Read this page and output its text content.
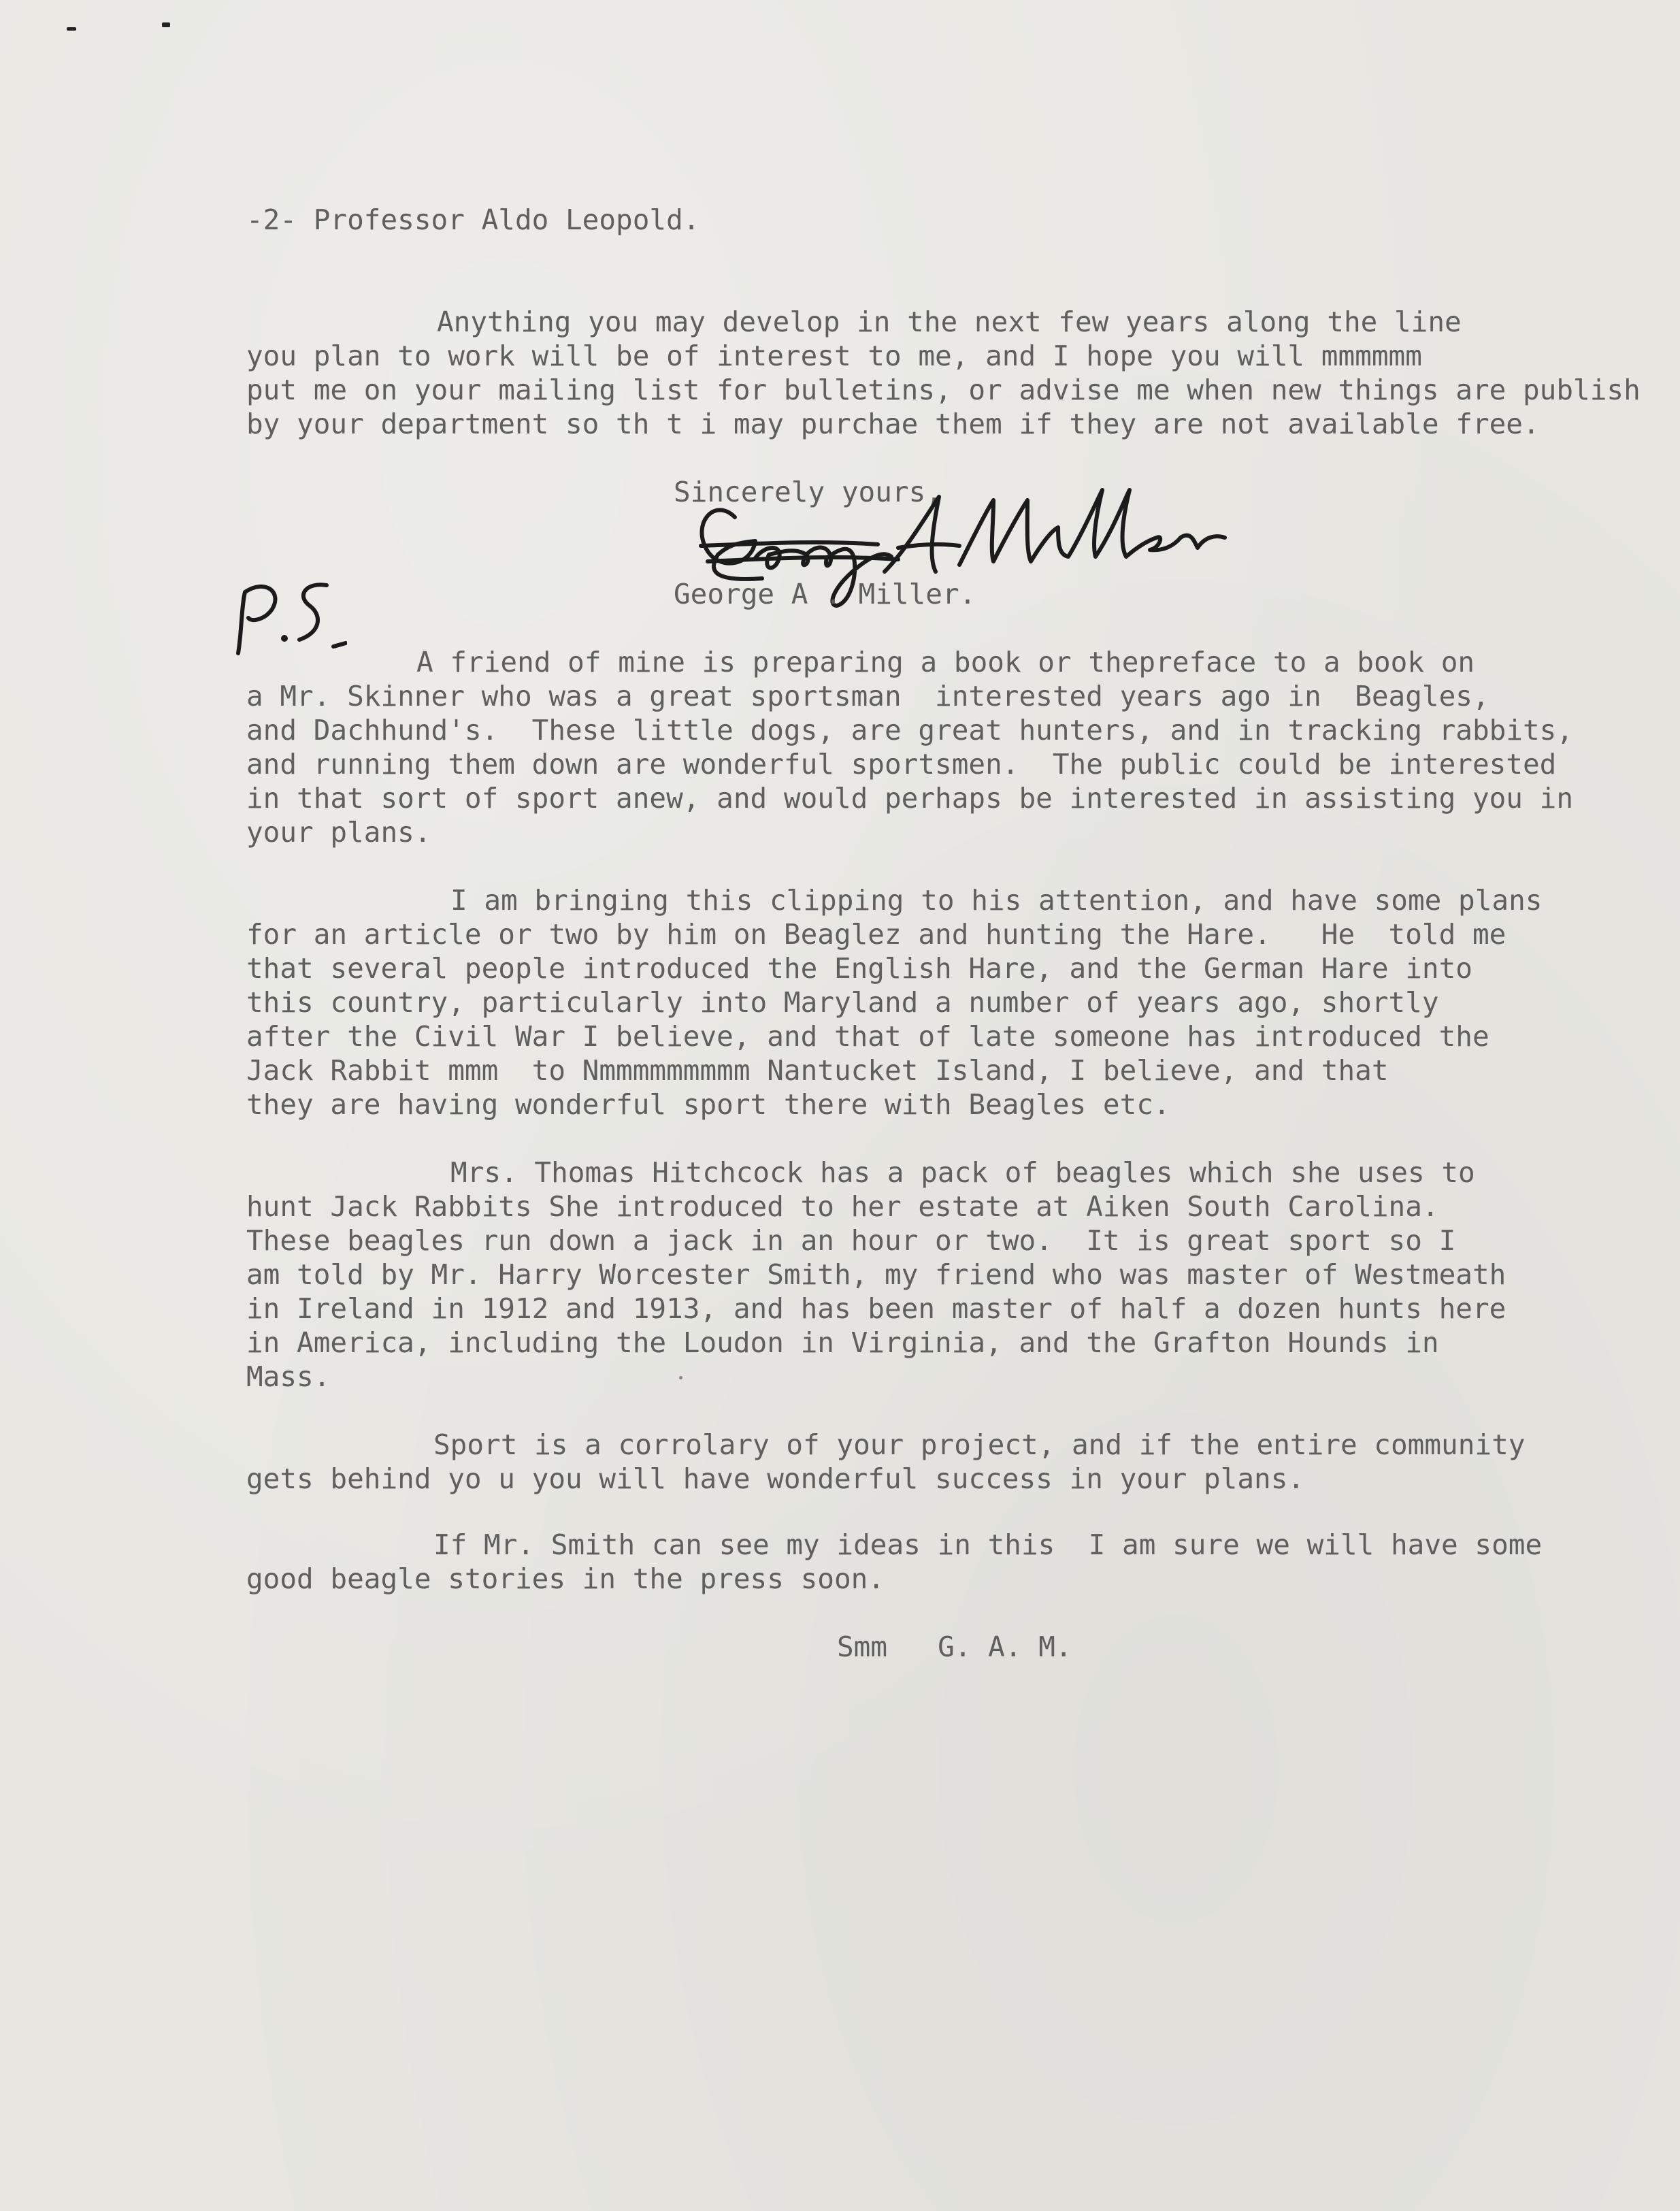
-2- Professor Aldo Leopold.
Anything you may develop in the next few years along the line
you plan to work will be of interest to me, and I hope you will mmmmmm
put me on your mailing list for bulletins, or advise me when new things are publish
by your department so th t i may purchae them if they are not available free.
Sincerely yours,
George A . Miller.
A friend of mine is preparing a book or thepreface to a book on
a Mr. Skinner who was a great sportsman  interested years ago in  Beagles,
and Dachhund's.  These little dogs, are great hunters, and in tracking rabbits,
and running them down are wonderful sportsmen.  The public could be interested
in that sort of sport anew, and would perhaps be interested in assisting you in
your plans.
I am bringing this clipping to his attention, and have some plans
for an article or two by him on Beaglez and hunting the Hare.   He  told me
that several people introduced the English Hare, and the German Hare into
this country, particularly into Maryland a number of years ago, shortly
after the Civil War I believe, and that of late someone has introduced the
Jack Rabbit mmm  to Nmmmmmmmmm Nantucket Island, I believe, and that
they are having wonderful sport there with Beagles etc.
Mrs. Thomas Hitchcock has a pack of beagles which she uses to
hunt Jack Rabbits She introduced to her estate at Aiken South Carolina.
These beagles run down a jack in an hour or two.  It is great sport so I
am told by Mr. Harry Worcester Smith, my friend who was master of Westmeath
in Ireland in 1912 and 1913, and has been master of half a dozen hunts here
in America, including the Loudon in Virginia, and the Grafton Hounds in
Mass.
Sport is a corrolary of your project, and if the entire community
gets behind yo u you will have wonderful success in your plans.
If Mr. Smith can see my ideas in this  I am sure we will have some
good beagle stories in the press soon.
Smm   G. A. M.
